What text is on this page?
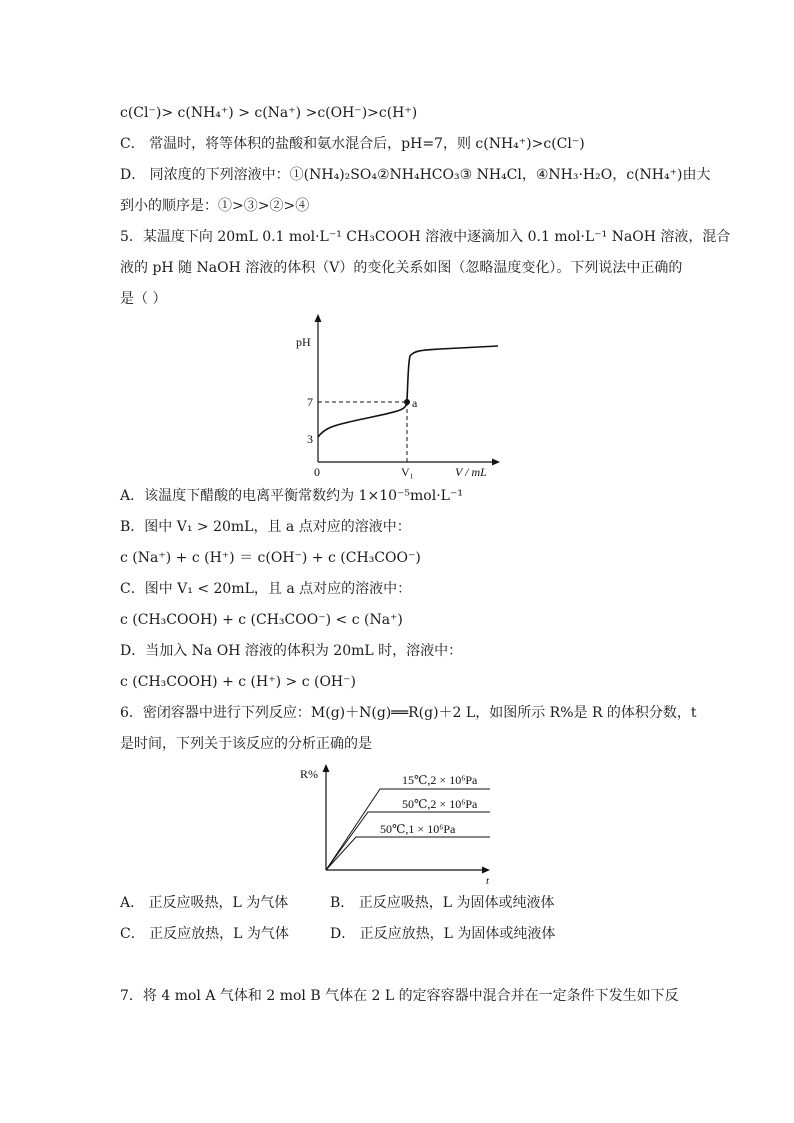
c(Cl⁻)> c(NH₄⁺) > c(Na⁺) >c(OH⁻)>c(H⁺)
C． 常温时，将等体积的盐酸和氨水混合后，pH=7，则 c(NH₄⁺)>c(Cl⁻)
D． 同浓度的下列溶液中：①(NH₄)₂SO₄②NH₄HCO₃③ NH₄Cl，④NH₃·H₂O，c(NH₄⁺)由大
到小的顺序是：①>③>②>④
5．某温度下向 20mL 0.1 mol·L⁻¹ CH₃COOH 溶液中逐滴加入 0.1 mol·L⁻¹ NaOH 溶液，混合
液的 pH 随 NaOH 溶液的体积（V）的变化关系如图（忽略温度变化）。下列说法中正确的
是（ ）
pH
7
3
0	V₁	V / mL
a
A．该温度下醋酸的电离平衡常数约为 1×10⁻⁵mol·L⁻¹
B．图中 V₁ > 20mL，且 a 点对应的溶液中：
c (Na⁺) + c (H⁺) ＝ c(OH⁻) + c (CH₃COO⁻)
C．图中 V₁ < 20mL，且 a 点对应的溶液中：
c (CH₃COOH) + c (CH₃COO⁻) < c (Na⁺)
D．当加入 Na OH 溶液的体积为 20mL 时，溶液中：
c (CH₃COOH) + c (H⁺) > c (OH⁻)
6．密闭容器中进行下列反应：M(g)＋N(g)══R(g)＋2 L，如图所示 R%是 R 的体积分数，t
是时间，下列关于该反应的分析正确的是
R%
t
15℃,2 × 10⁶Pa
50℃,2 × 10⁶Pa
50℃,1 × 10⁶Pa
A． 正反应吸热，L 为气体	B． 正反应吸热，L 为固体或纯液体
C． 正反应放热，L 为气体	D． 正反应放热，L 为固体或纯液体
7．将 4 mol A 气体和 2 mol B 气体在 2 L 的定容容器中混合并在一定条件下发生如下反
